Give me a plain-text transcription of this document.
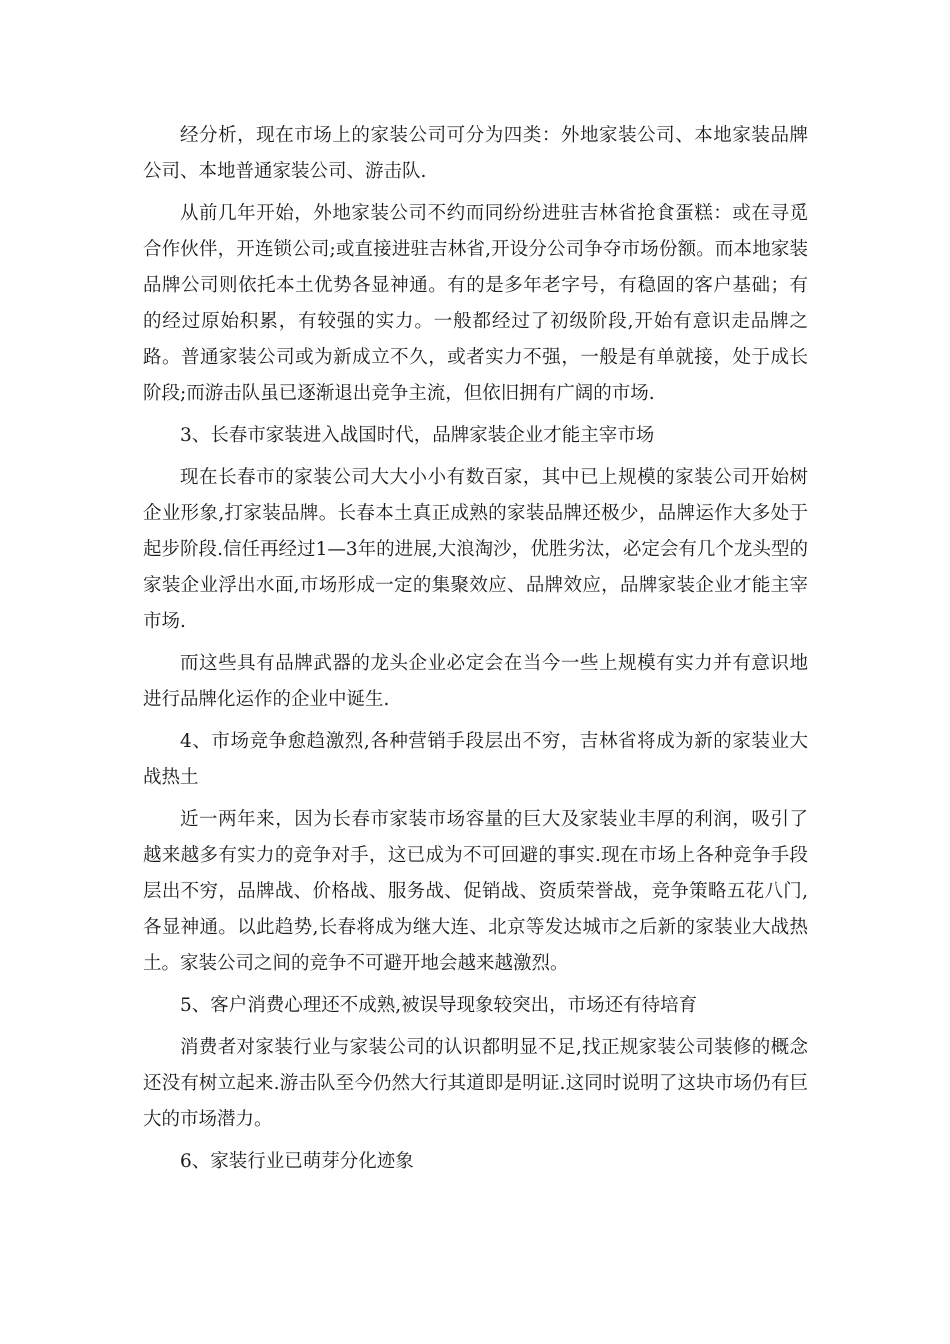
经分析，现在市场上的家装公司可分为四类：外地家装公司、本地家装品牌公司、本地普通家装公司、游击队.

从前几年开始，外地家装公司不约而同纷纷进驻吉林省抢食蛋糕：或在寻觅合作伙伴，开连锁公司;或直接进驻吉林省,开设分公司争夺市场份额。而本地家装品牌公司则依托本土优势各显神通。有的是多年老字号，有稳固的客户基础；有的经过原始积累，有较强的实力。一般都经过了初级阶段,开始有意识走品牌之路。普通家装公司或为新成立不久，或者实力不强，一般是有单就接，处于成长阶段;而游击队虽已逐渐退出竞争主流，但依旧拥有广阔的市场.

3、长春市家装进入战国时代，品牌家装企业才能主宰市场

现在长春市的家装公司大大小小有数百家，其中已上规模的家装公司开始树企业形象,打家装品牌。长春本土真正成熟的家装品牌还极少，品牌运作大多处于起步阶段.信任再经过1—3年的进展,大浪淘沙，优胜劣汰，必定会有几个龙头型的家装企业浮出水面,市场形成一定的集聚效应、品牌效应，品牌家装企业才能主宰市场.

而这些具有品牌武器的龙头企业必定会在当今一些上规模有实力并有意识地进行品牌化运作的企业中诞生.

4、市场竞争愈趋激烈,各种营销手段层出不穷，吉林省将成为新的家装业大战热土

近一两年来，因为长春市家装市场容量的巨大及家装业丰厚的利润，吸引了越来越多有实力的竞争对手，这已成为不可回避的事实.现在市场上各种竞争手段层出不穷，品牌战、价格战、服务战、促销战、资质荣誉战，竞争策略五花八门,各显神通。以此趋势,长春将成为继大连、北京等发达城市之后新的家装业大战热土。家装公司之间的竞争不可避开地会越来越激烈。

5、客户消费心理还不成熟,被误导现象较突出，市场还有待培育

消费者对家装行业与家装公司的认识都明显不足,找正规家装公司装修的概念还没有树立起来.游击队至今仍然大行其道即是明证.这同时说明了这块市场仍有巨大的市场潜力。

6、家装行业已萌芽分化迹象
